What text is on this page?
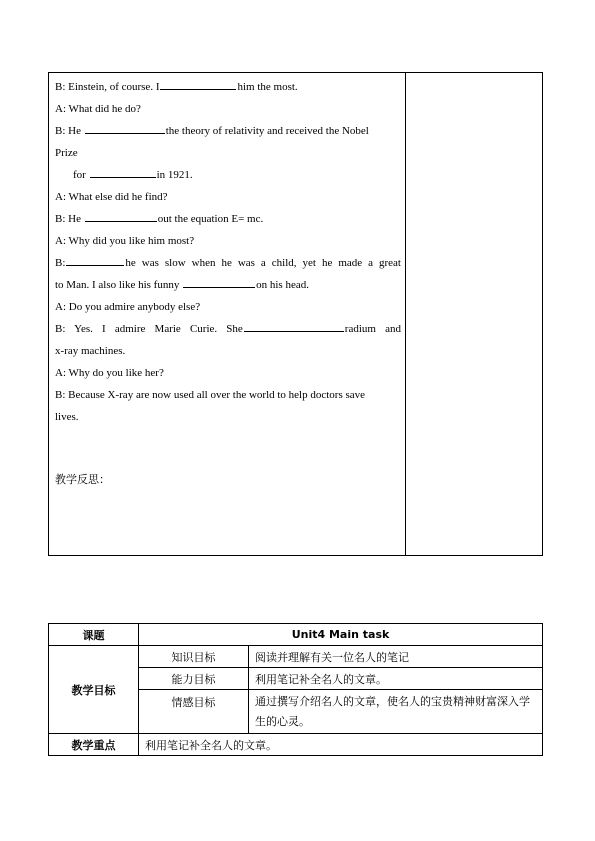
B: Einstein, of course. I	him the most.
A: What did he do?
B: He	the theory of relativity and received the Nobel
Prize
for	in 1921.
A: What else did he find?
B: He	out the equation E= mc.
A: Why did you like him most?
B:	he was slow when he was a child, yet he made a great
to Man. I also like his funny	on his head.
A: Do you admire anybody else?
B: Yes. I admire Marie Curie. She	radium and
x-ray machines.
A: Why do you like her?
B: Because X-ray are now used all over the world to help doctors save
lives.
教学反思：
课题	Unit4 Main task	
教学目标	知识目标	阅读并理解有关一位名人的笔记
	能力目标	利用笔记补全名人的文章。
	情感目标	通过撰写介绍名人的文章，使名人的宝贵精神财富深入学生的心灵。
教学重点	利用笔记补全名人的文章。	
